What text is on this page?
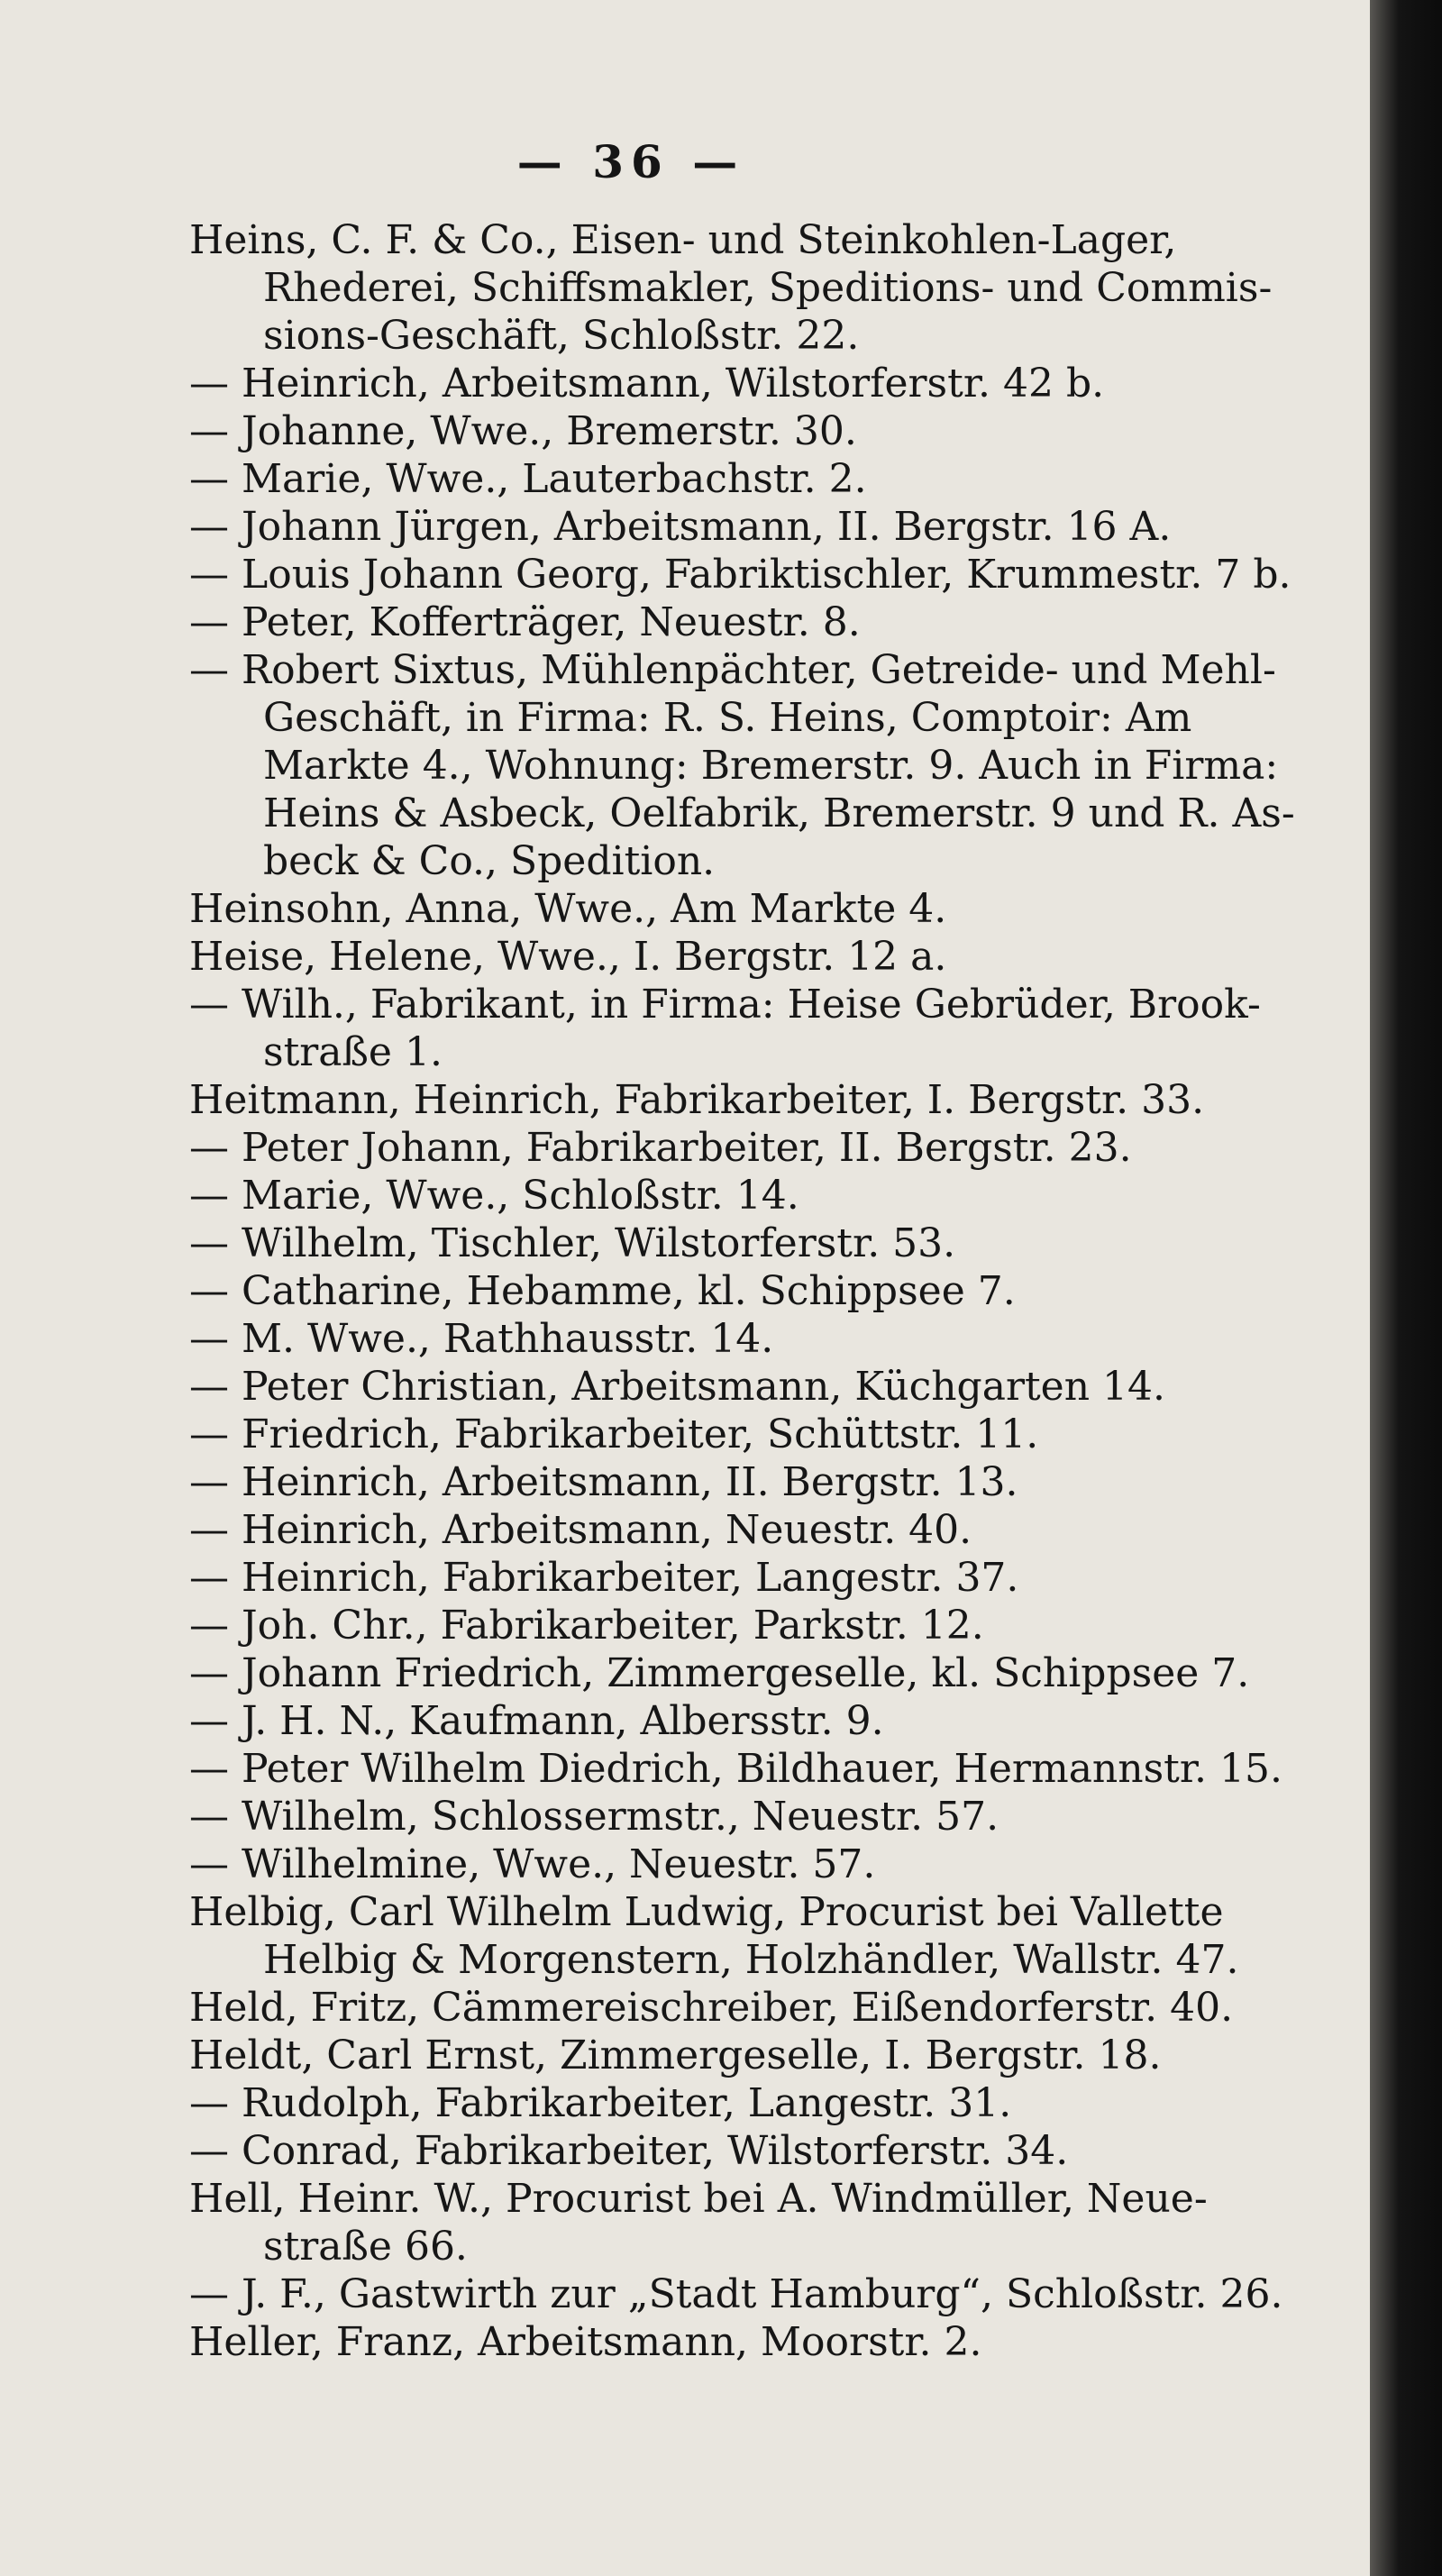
— 36 —
Heins, C. F. & Co., Eisen- und Steinkohlen-Lager,
Rhederei, Schiffsmakler, Speditions- und Commis-
sions-Geschäft, Schloßstr. 22.
— Heinrich, Arbeitsmann, Wilstorferstr. 42 b.
— Johanne, Wwe., Bremerstr. 30.
— Marie, Wwe., Lauterbachstr. 2.
— Johann Jürgen, Arbeitsmann, II. Bergstr. 16 A.
— Louis Johann Georg, Fabriktischler, Krummestr. 7 b.
— Peter, Kofferträger, Neuestr. 8.
— Robert Sixtus, Mühlenpächter, Getreide- und Mehl-
Geschäft, in Firma: R. S. Heins, Comptoir: Am
Markte 4., Wohnung: Bremerstr. 9. Auch in Firma:
Heins & Asbeck, Oelfabrik, Bremerstr. 9 und R. As-
beck & Co., Spedition.
Heinsohn, Anna, Wwe., Am Markte 4.
Heise, Helene, Wwe., I. Bergstr. 12 a.
— Wilh., Fabrikant, in Firma: Heise Gebrüder, Brook-
straße 1.
Heitmann, Heinrich, Fabrikarbeiter, I. Bergstr. 33.
— Peter Johann, Fabrikarbeiter, II. Bergstr. 23.
— Marie, Wwe., Schloßstr. 14.
— Wilhelm, Tischler, Wilstorferstr. 53.
— Catharine, Hebamme, kl. Schippsee 7.
— M. Wwe., Rathhausstr. 14.
— Peter Christian, Arbeitsmann, Küchgarten 14.
— Friedrich, Fabrikarbeiter, Schüttstr. 11.
— Heinrich, Arbeitsmann, II. Bergstr. 13.
— Heinrich, Arbeitsmann, Neuestr. 40.
— Heinrich, Fabrikarbeiter, Langestr. 37.
— Joh. Chr., Fabrikarbeiter, Parkstr. 12.
— Johann Friedrich, Zimmergeselle, kl. Schippsee 7.
— J. H. N., Kaufmann, Albersstr. 9.
— Peter Wilhelm Diedrich, Bildhauer, Hermannstr. 15.
— Wilhelm, Schlossermstr., Neuestr. 57.
— Wilhelmine, Wwe., Neuestr. 57.
Helbig, Carl Wilhelm Ludwig, Procurist bei Vallette
Helbig & Morgenstern, Holzhändler, Wallstr. 47.
Held, Fritz, Cämmereischreiber, Eißendorferstr. 40.
Heldt, Carl Ernst, Zimmergeselle, I. Bergstr. 18.
— Rudolph, Fabrikarbeiter, Langestr. 31.
— Conrad, Fabrikarbeiter, Wilstorferstr. 34.
Hell, Heinr. W., Procurist bei A. Windmüller, Neue-
straße 66.
— J. F., Gastwirth zur „Stadt Hamburg“, Schloßstr. 26.
Heller, Franz, Arbeitsmann, Moorstr. 2.
